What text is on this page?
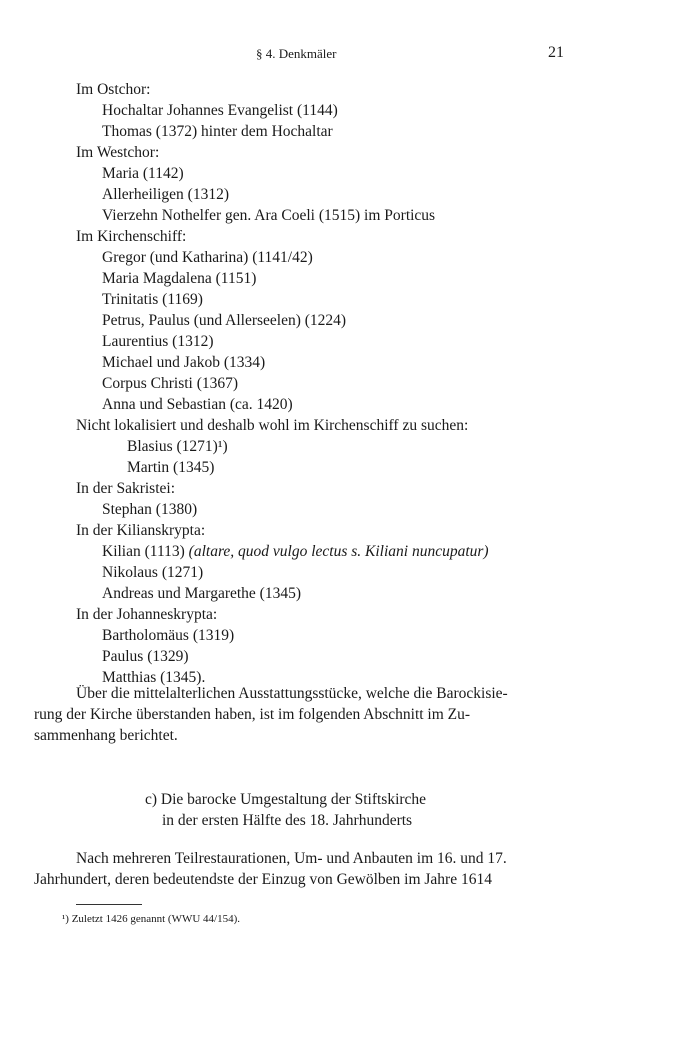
§ 4. Denkmäler	21
Im Ostchor:
Hochaltar Johannes Evangelist (1144)
Thomas (1372) hinter dem Hochaltar
Im Westchor:
Maria (1142)
Allerheiligen (1312)
Vierzehn Nothelfer gen. Ara Coeli (1515) im Porticus
Im Kirchenschiff:
Gregor (und Katharina) (1141/42)
Maria Magdalena (1151)
Trinitatis (1169)
Petrus, Paulus (und Allerseelen) (1224)
Laurentius (1312)
Michael und Jakob (1334)
Corpus Christi (1367)
Anna und Sebastian (ca. 1420)
Nicht lokalisiert und deshalb wohl im Kirchenschiff zu suchen:
Blasius (1271)¹)
Martin (1345)
In der Sakristei:
Stephan (1380)
In der Kilianskrypta:
Kilian (1113) (altare, quod vulgo lectus s. Kiliani nuncupatur)
Nikolaus (1271)
Andreas und Margarethe (1345)
In der Johanneskrypta:
Bartholomäus (1319)
Paulus (1329)
Matthias (1345).
Über die mittelalterlichen Ausstattungsstücke, welche die Barockisie-
rung der Kirche überstanden haben, ist im folgenden Abschnitt im Zu-
sammenhang berichtet.
c) Die barocke Umgestaltung der Stiftskirche
in der ersten Hälfte des 18. Jahrhunderts
Nach mehreren Teilrestaurationen, Um- und Anbauten im 16. und 17.
Jahrhundert, deren bedeutendste der Einzug von Gewölben im Jahre 1614
¹) Zuletzt 1426 genannt (WWU 44/154).
